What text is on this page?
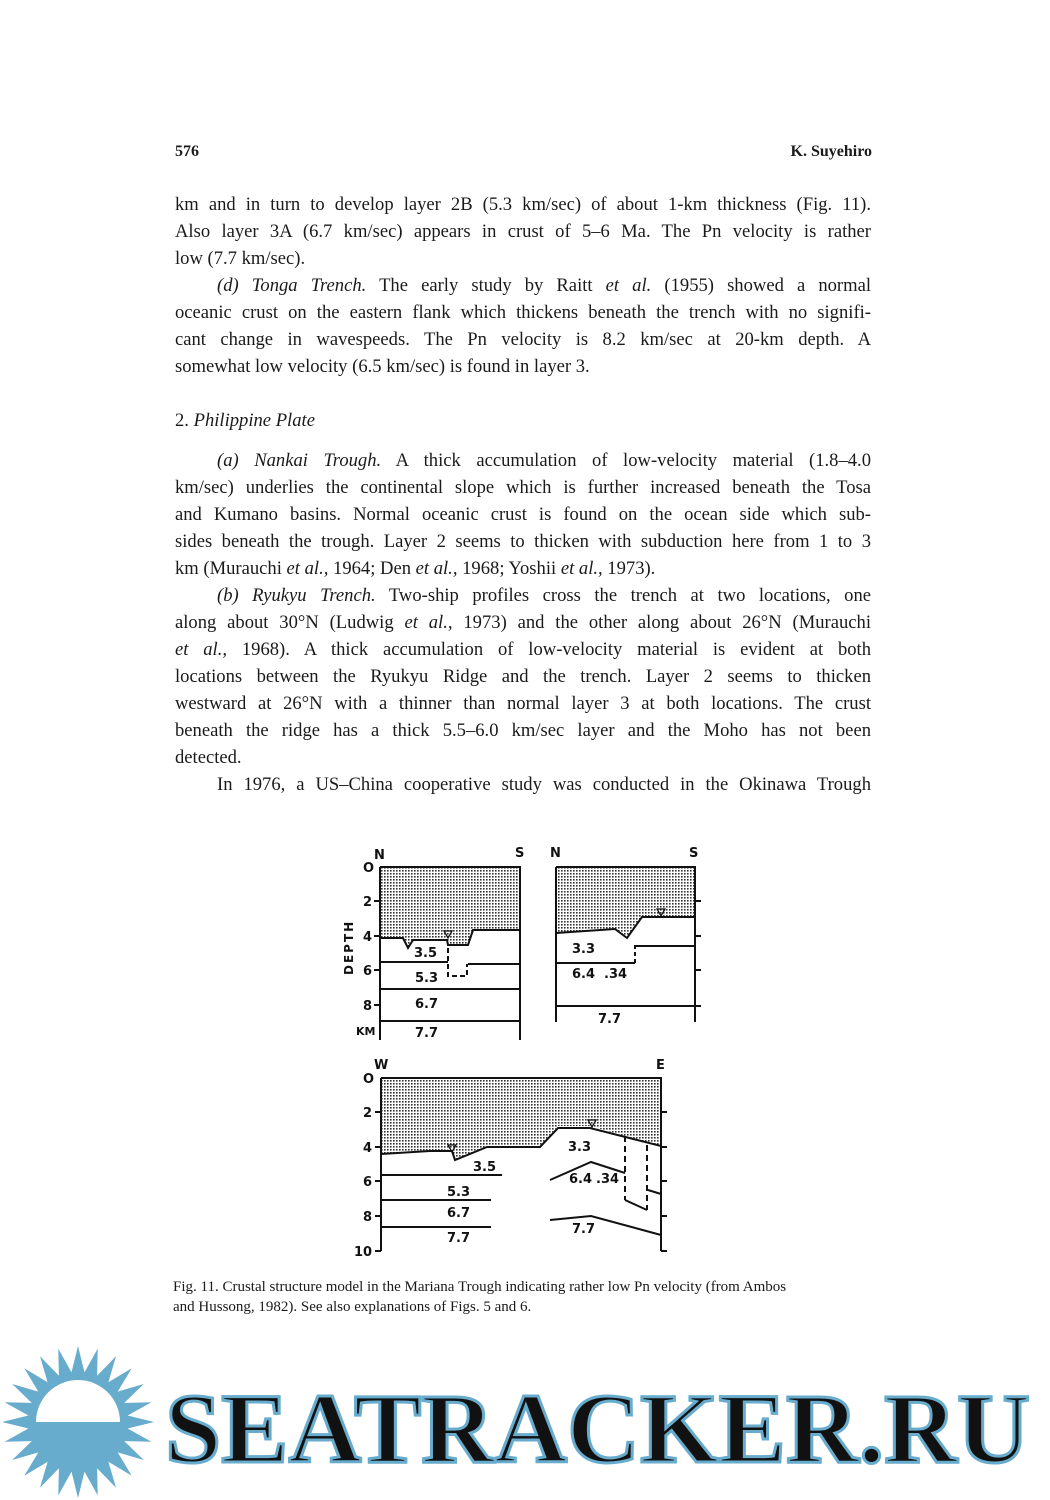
576	K. Suyehiro
km and in turn to develop layer 2B (5.3 km/sec) of about 1-km thickness (Fig. 11).
Also layer 3A (6.7 km/sec) appears in crust of 5–6 Ma. The Pn velocity is rather
low (7.7 km/sec).
(d) Tonga Trench. The early study by Raitt et al. (1955) showed a normal
oceanic crust on the eastern flank which thickens beneath the trench with no signifi-
cant change in wavespeeds. The Pn velocity is 8.2 km/sec at 20-km depth. A
somewhat low velocity (6.5 km/sec) is found in layer 3.
2. Philippine Plate
(a) Nankai Trough. A thick accumulation of low-velocity material (1.8–4.0
km/sec) underlies the continental slope which is further increased beneath the Tosa
and Kumano basins. Normal oceanic crust is found on the ocean side which sub-
sides beneath the trough. Layer 2 seems to thicken with subduction here from 1 to 3
km (Murauchi et al., 1964; Den et al., 1968; Yoshii et al., 1973).
(b) Ryukyu Trench. Two-ship profiles cross the trench at two locations, one
along about 30°N (Ludwig et al., 1973) and the other along about 26°N (Murauchi
et al., 1968). A thick accumulation of low-velocity material is evident at both
locations between the Ryukyu Ridge and the trench. Layer 2 seems to thicken
westward at 26°N with a thinner than normal layer 3 at both locations. The crust
beneath the ridge has a thick 5.5–6.0 km/sec layer and the Moho has not been
detected.
In 1976, a US–China cooperative study was conducted in the Okinawa Trough
N	S
O
2
4
6
8
KM
DEPTH	3.5
5.3
6.7
7.7
N	S
3.3
6.4 .34
7.7
W	E
O
2
4
6
8
10
3.5
5.3
6.7
7.7
3.3
6.4 .34
7.7
SEATRACKER.RU
Fig. 11. Crustal structure model in the Mariana Trough indicating rather low Pn velocity (from Ambos
and Hussong, 1982). See also explanations of Figs. 5 and 6.
